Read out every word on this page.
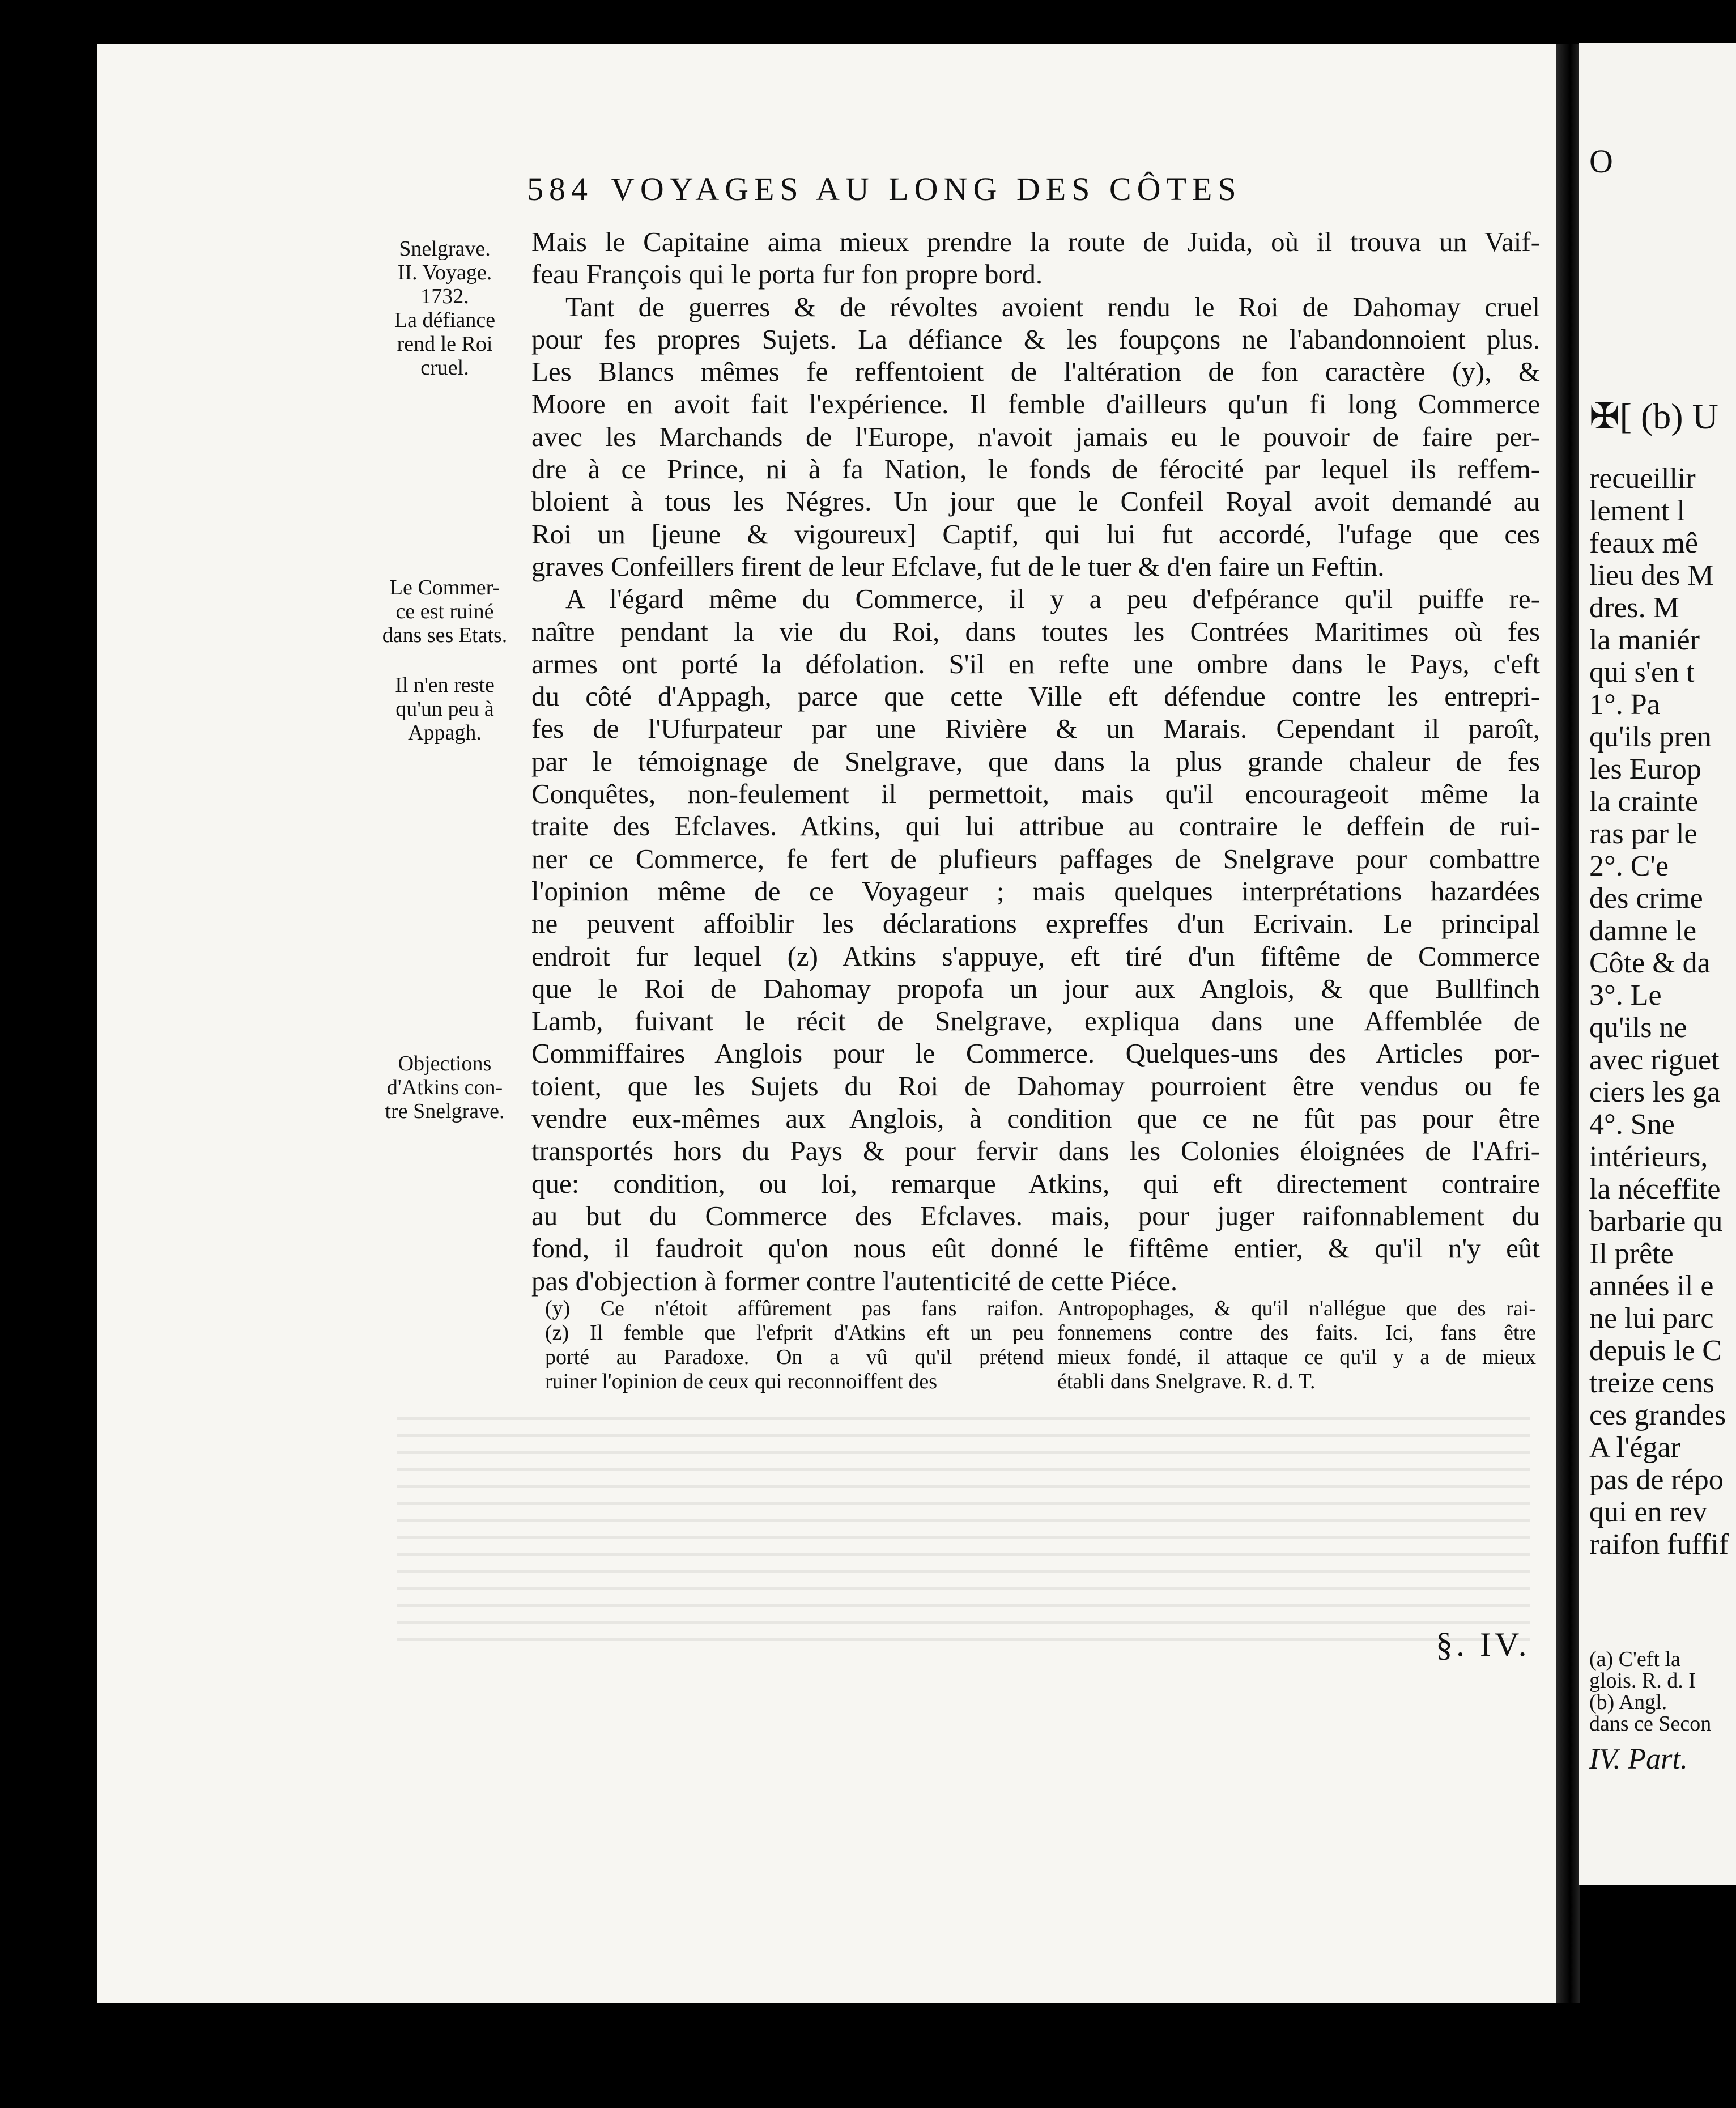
O
✠[ (b) U
recueillir
lement l
feaux mê
lieu des M
dres. M
la maniér
qui s'en t
1°. Pa
qu'ils pren
les Europ
la crainte
ras par le
2°. C'e
des crime
damne le
Côte & da
3°. Le
qu'ils ne
avec riguet
ciers les ga
4°. Sne
intérieurs,
la néceffite
barbarie qu
Il prête
années il e
ne lui parc
depuis le C
treize cens
ces grandes
A l'égar
pas de répo
qui en rev
raifon fuffif
(a) C'eft la
glois. R. d. I
(b) Angl.
dans ce Secon
IV. Part.
584 VOYAGES AU LONG DES CÔTES
Snelgrave.
II. Voyage.
1732.
La défiance
rend le Roi
cruel.
Le Commer-
ce est ruiné
dans ses Etats.
Il n'en reste
qu'un peu à
Appagh.
Objections
d'Atkins con-
tre Snelgrave.
Mais le Capitaine aima mieux prendre la route de Juida, où il trouva un Vaif-
feau François qui le porta fur fon propre bord.
Tant de guerres & de révoltes avoient rendu le Roi de Dahomay cruel
pour fes propres Sujets. La défiance & les foupçons ne l'abandonnoient plus.
Les Blancs mêmes fe reffentoient de l'altération de fon caractère (y), &
Moore en avoit fait l'expérience. Il femble d'ailleurs qu'un fi long Commerce
avec les Marchands de l'Europe, n'avoit jamais eu le pouvoir de faire per-
dre à ce Prince, ni à fa Nation, le fonds de férocité par lequel ils reffem-
bloient à tous les Négres. Un jour que le Confeil Royal avoit demandé au
Roi un [jeune & vigoureux] Captif, qui lui fut accordé, l'ufage que ces
graves Confeillers firent de leur Efclave, fut de le tuer & d'en faire un Feftin.
A l'égard même du Commerce, il y a peu d'efpérance qu'il puiffe re-
naître pendant la vie du Roi, dans toutes les Contrées Maritimes où fes
armes ont porté la défolation. S'il en refte une ombre dans le Pays, c'eft
du côté d'Appagh, parce que cette Ville eft défendue contre les entrepri-
fes de l'Ufurpateur par une Rivière & un Marais. Cependant il paroît,
par le témoignage de Snelgrave, que dans la plus grande chaleur de fes
Conquêtes, non-feulement il permettoit, mais qu'il encourageoit même la
traite des Efclaves. Atkins, qui lui attribue au contraire le deffein de rui-
ner ce Commerce, fe fert de plufieurs paffages de Snelgrave pour combattre
l'opinion même de ce Voyageur ; mais quelques interprétations hazardées
ne peuvent affoiblir les déclarations expreffes d'un Ecrivain. Le principal
endroit fur lequel (z) Atkins s'appuye, eft tiré d'un fiftême de Commerce
que le Roi de Dahomay propofa un jour aux Anglois, & que Bullfinch
Lamb, fuivant le récit de Snelgrave, expliqua dans une Affemblée de
Commiffaires Anglois pour le Commerce. Quelques-uns des Articles por-
toient, que les Sujets du Roi de Dahomay pourroient être vendus ou fe
vendre eux-mêmes aux Anglois, à condition que ce ne fût pas pour être
transportés hors du Pays & pour fervir dans les Colonies éloignées de l'Afri-
que: condition, ou loi, remarque Atkins, qui eft directement contraire
au but du Commerce des Efclaves. mais, pour juger raifonnablement du
fond, il faudroit qu'on nous eût donné le fiftême entier, & qu'il n'y eût
pas d'objection à former contre l'autenticité de cette Piéce.
(y) Ce n'étoit affûrement pas fans raifon.
(z) Il femble que l'efprit d'Atkins eft un peu
porté au Paradoxe. On a vû qu'il prétend
ruiner l'opinion de ceux qui reconnoiffent des
Antropophages, & qu'il n'allégue que des rai-
fonnemens contre des faits. Ici, fans être
mieux fondé, il attaque ce qu'il y a de mieux
établi dans Snelgrave. R. d. T.
§. IV.
